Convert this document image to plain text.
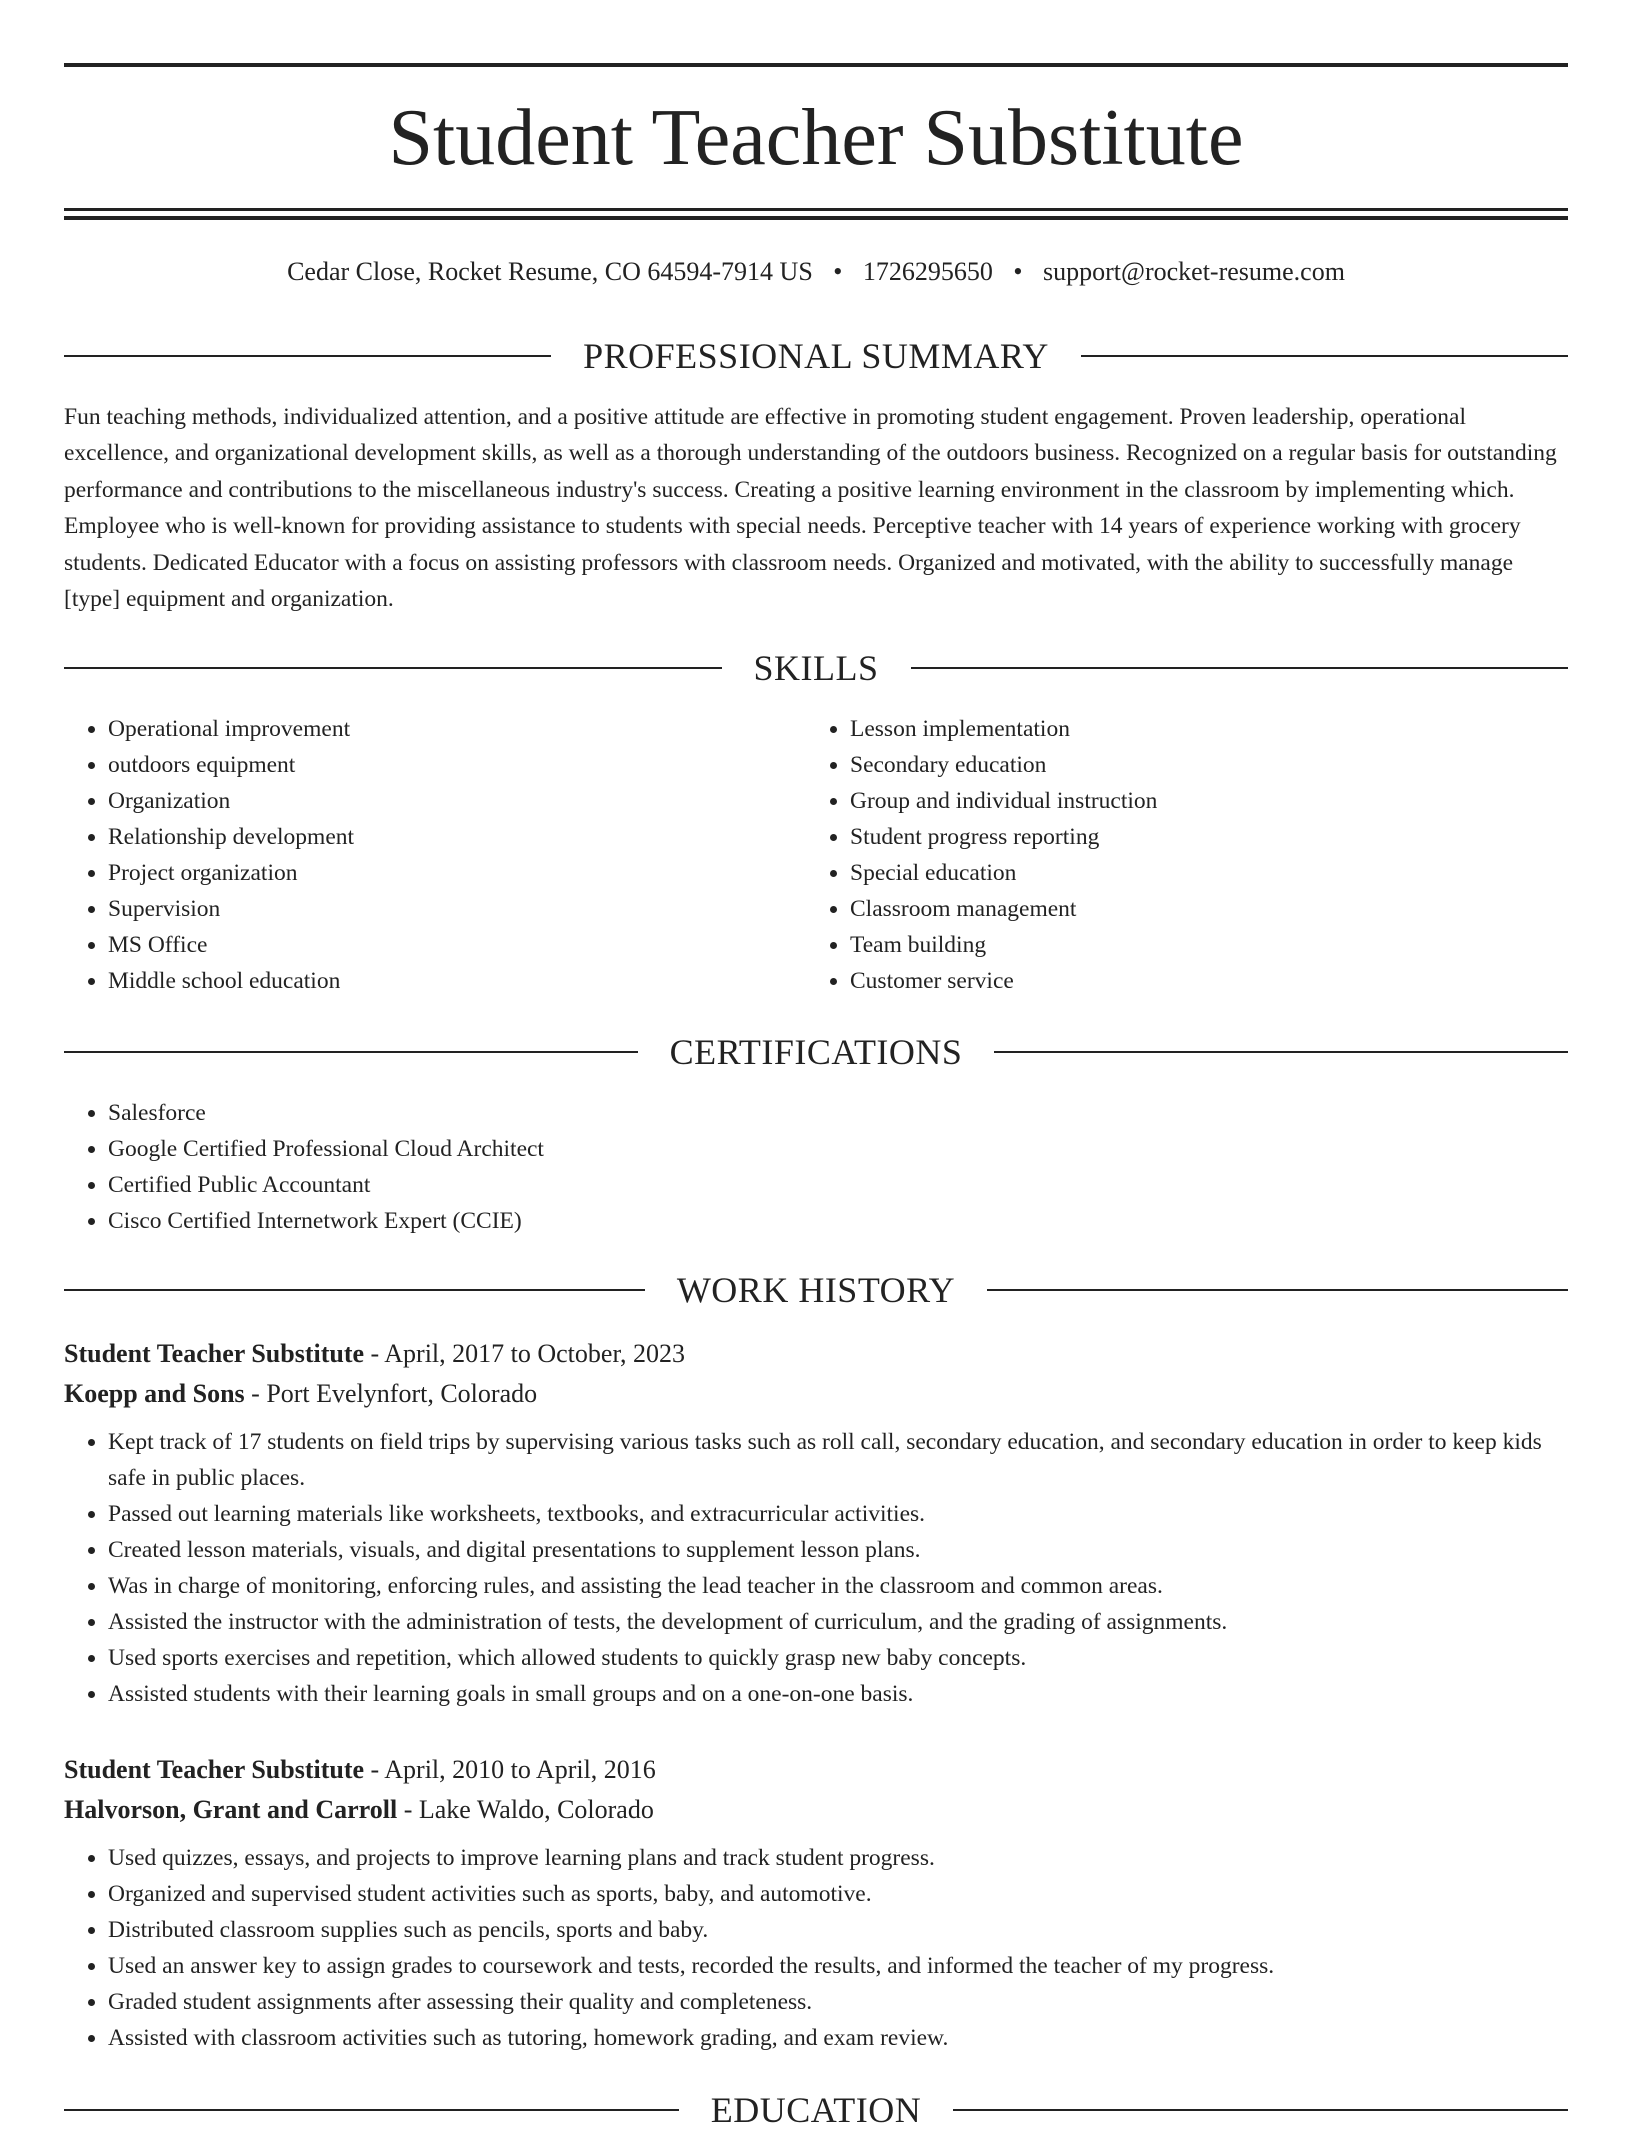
Student Teacher Substitute
Cedar Close, Rocket Resume, CO 64594-7914 US • 1726295650 • support@rocket-resume.com
PROFESSIONAL SUMMARY

Fun teaching methods, individualized attention, and a positive attitude are effective in promoting student engagement. Proven leadership, operational excellence, and organizational development skills, as well as a thorough understanding of the outdoors business. Recognized on a regular basis for outstanding performance and contributions to the miscellaneous industry's success. Creating a positive learning environment in the classroom by implementing which. Employee who is well-known for providing assistance to students with special needs. Perceptive teacher with 14 years of experience working with grocery students. Dedicated Educator with a focus on assisting professors with classroom needs. Organized and motivated, with the ability to successfully manage [type] equipment and organization.

SKILLS
• Operational improvement
• outdoors equipment
• Organization
• Relationship development
• Project organization
• Supervision
• MS Office
• Middle school education
• Lesson implementation
• Secondary education
• Group and individual instruction
• Student progress reporting
• Special education
• Classroom management
• Team building
• Customer service
CERTIFICATIONS
• Salesforce
• Google Certified Professional Cloud Architect
• Certified Public Accountant
• Cisco Certified Internetwork Expert (CCIE)
WORK HISTORY
Student Teacher Substitute - April, 2017 to October, 2023
Koepp and Sons - Port Evelynfort, Colorado
• Kept track of 17 students on field trips by supervising various tasks such as roll call, secondary education, and secondary education in order to keep kids safe in public places.
• Passed out learning materials like worksheets, textbooks, and extracurricular activities.
• Created lesson materials, visuals, and digital presentations to supplement lesson plans.
• Was in charge of monitoring, enforcing rules, and assisting the lead teacher in the classroom and common areas.
• Assisted the instructor with the administration of tests, the development of curriculum, and the grading of assignments.
• Used sports exercises and repetition, which allowed students to quickly grasp new baby concepts.
• Assisted students with their learning goals in small groups and on a one-on-one basis.
Student Teacher Substitute - April, 2010 to April, 2016
Halvorson, Grant and Carroll - Lake Waldo, Colorado
• Used quizzes, essays, and projects to improve learning plans and track student progress.
• Organized and supervised student activities such as sports, baby, and automotive.
• Distributed classroom supplies such as pencils, sports and baby.
• Used an answer key to assign grades to coursework and tests, recorded the results, and informed the teacher of my progress.
• Graded student assignments after assessing their quality and completeness.
• Assisted with classroom activities such as tutoring, homework grading, and exam review.
EDUCATION
